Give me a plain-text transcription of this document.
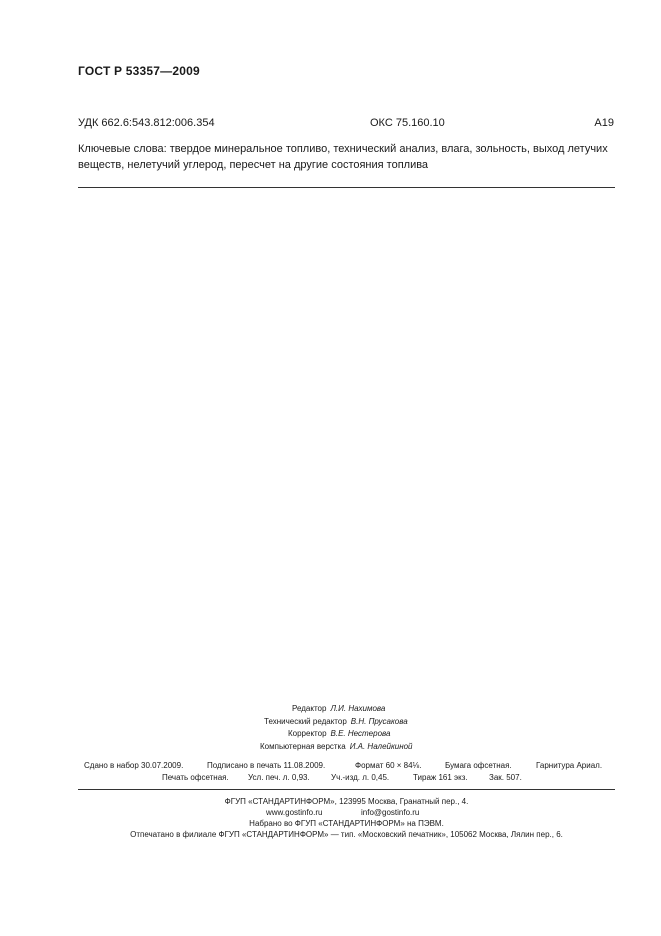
ГОСТ Р 53357—2009
УДК 662.6:543.812:006.354	ОКС 75.160.10	А19
Ключевые слова: твердое минеральное топливо, технический анализ, влага, зольность, выход летучих
веществ, нелетучий углерод, пересчет на другие состояния топлива
Редактор Л.И. Нахимова
Технический редактор В.Н. Прусакова
Корректор В.Е. Нестерова
Компьютерная верстка И.А. Налейкиной
Сдано в набор 30.07.2009.	Подписано в печать 11.08.2009.	Формат 60 × 84⅛.	Бумага офсетная.	Гарнитура Ариал.
Печать офсетная. Усл. печ. л. 0,93.	Уч.-изд. л. 0,45.	Тираж 161 экз.	Зак. 507.
ФГУП «СТАНДАРТИНФОРМ», 123995 Москва, Гранатный пер., 4.
www.gostinfo.ru	info@gostinfo.ru
Набрано во ФГУП «СТАНДАРТИНФОРМ» на ПЭВМ.
Отпечатано в филиале ФГУП «СТАНДАРТИНФОРМ» — тип. «Московский печатник», 105062 Москва, Лялин пер., 6.
